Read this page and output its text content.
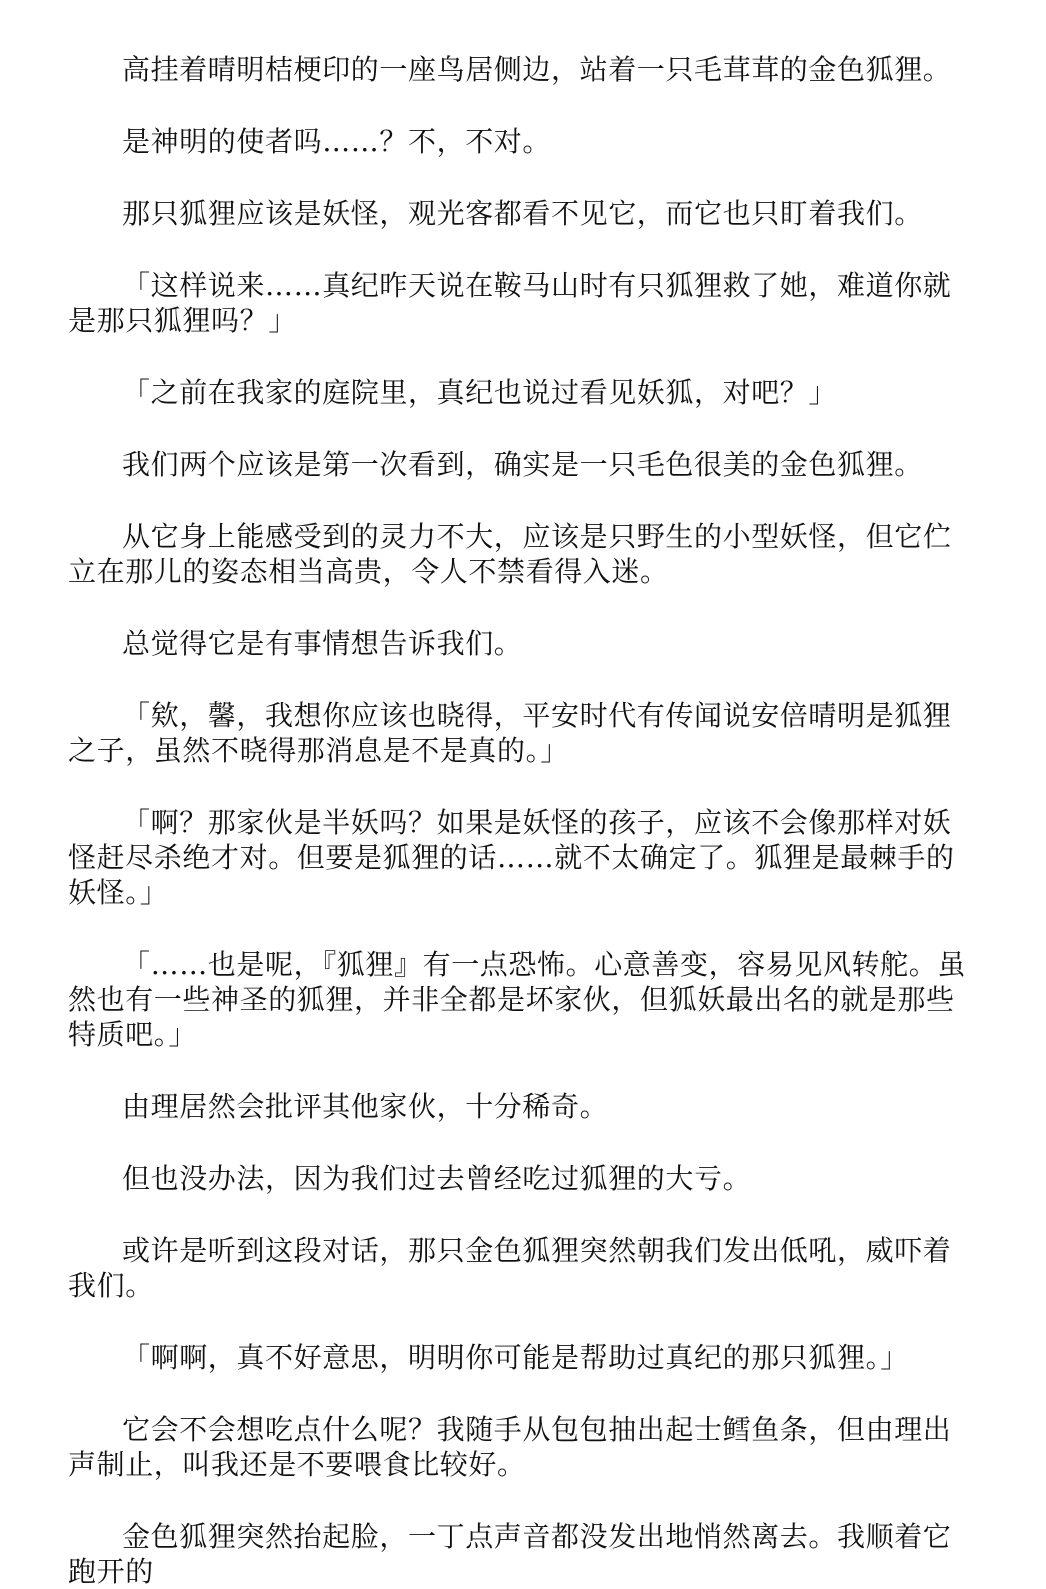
高挂着晴明桔梗印的一座鸟居侧边，站着一只毛茸茸的金色狐狸。

是神明的使者吗……？不，不对。

那只狐狸应该是妖怪，观光客都看不见它，而它也只盯着我们。

「这样说来……真纪昨天说在鞍马山时有只狐狸救了她，难道你就是那只狐狸吗？」

「之前在我家的庭院里，真纪也说过看见妖狐，对吧？」

我们两个应该是第一次看到，确实是一只毛色很美的金色狐狸。

从它身上能感受到的灵力不大，应该是只野生的小型妖怪，但它伫立在那儿的姿态相当高贵，令人不禁看得入迷。

总觉得它是有事情想告诉我们。

「欸，馨，我想你应该也晓得，平安时代有传闻说安倍晴明是狐狸之子，虽然不晓得那消息是不是真的。」

「啊？那家伙是半妖吗？如果是妖怪的孩子，应该不会像那样对妖怪赶尽杀绝才对。但要是狐狸的话……就不太确定了。狐狸是最棘手的妖怪。」

「……也是呢，『狐狸』有一点恐怖。心意善变，容易见风转舵。虽然也有一些神圣的狐狸，并非全都是坏家伙，但狐妖最出名的就是那些特质吧。」

由理居然会批评其他家伙，十分稀奇。

但也没办法，因为我们过去曾经吃过狐狸的大亏。

或许是听到这段对话，那只金色狐狸突然朝我们发出低吼，威吓着我们。

「啊啊，真不好意思，明明你可能是帮助过真纪的那只狐狸。」

它会不会想吃点什么呢？我随手从包包抽出起士鳕鱼条，但由理出声制止，叫我还是不要喂食比较好。

金色狐狸突然抬起脸，一丁点声音都没发出地悄然离去。我顺着它跑开的
